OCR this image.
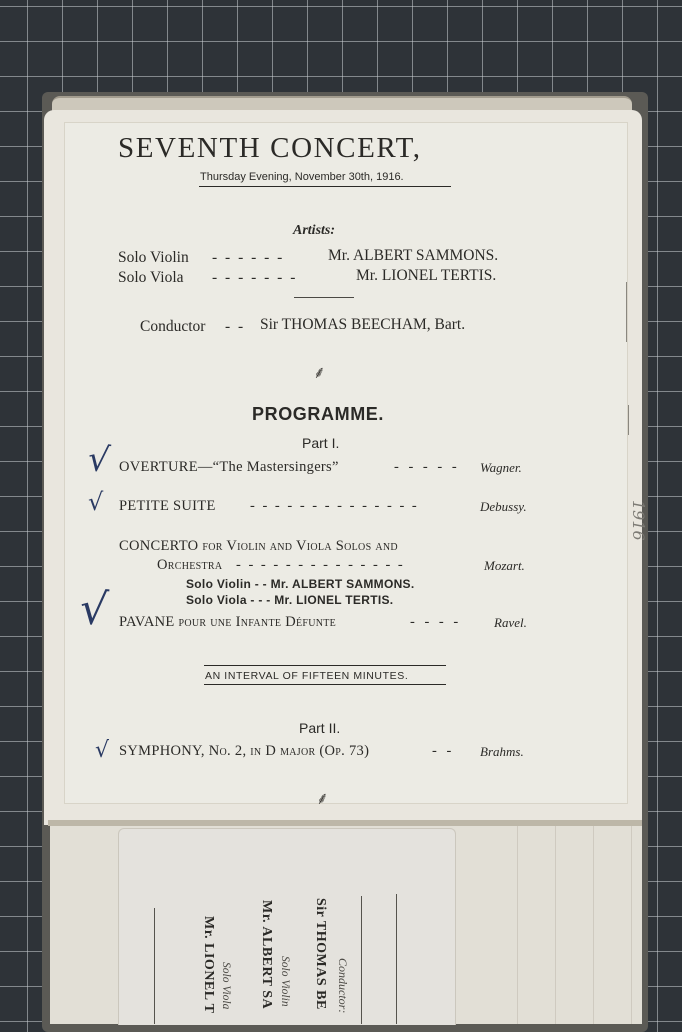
SEVENTH CONCERT,
Thursday Evening, November 30th, 1916.
Artists:
Solo Violin - - - - - -	Mr. ALBERT SAMMONS.
Solo Viola - - - - - - -	Mr. LIONEL TERTIS.
Conductor - - Sir THOMAS BEECHAM, Bart.
⸙
PROGRAMME.
Part I.
OVERTURE—“The Mastersingers”	- - - - - Wagner.
PETITE SUITE - - - - - - - - - - - - - -	Debussy.
CONCERTO for Violin and Viola Solos and
Orchestra - - - - - - - - - - - - - -	Mozart.
Solo Violin - - Mr. ALBERT SAMMONS.
Solo Viola - - - Mr. LIONEL TERTIS.
PAVANE pour une Infante Défunte	- - - -	Ravel.
AN INTERVAL OF FIFTEEN MINUTES.
Part II.
SYMPHONY, No. 2, in D major (Op. 73)	- - Brahms.
⸙
√
√
√
√
1916
Conductor:
Sir THOMAS BE
Solo Violin
Mr. ALBERT SA
Solo Viola
Mr. LIONEL T
